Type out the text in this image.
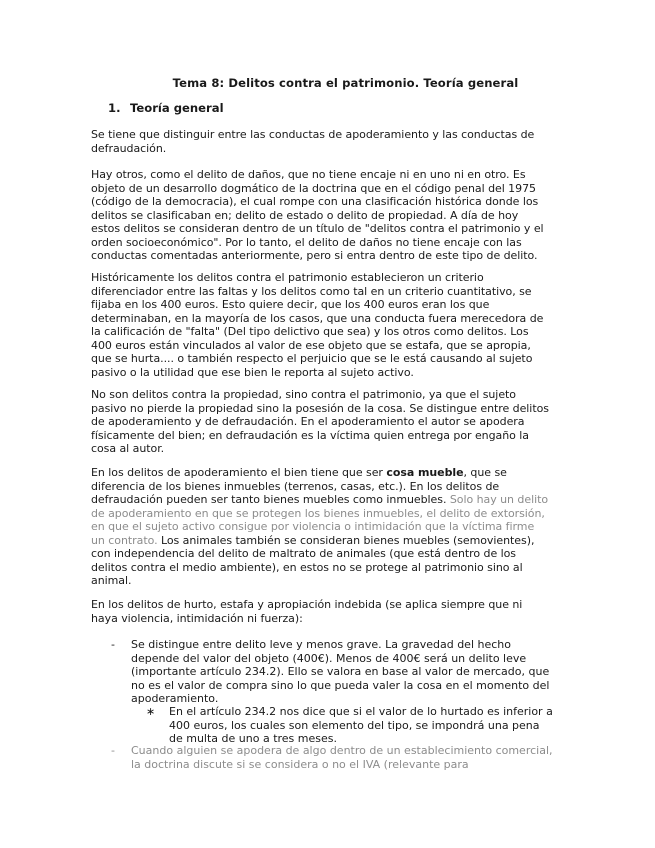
Tema 8: Delitos contra el patrimonio. Teoría general
1. Teoría general

Se tiene que distinguir entre las conductas de apoderamiento y las conductas de
defraudación.

Hay otros, como el delito de daños, que no tiene encaje ni en uno ni en otro. Es
objeto de un desarrollo dogmático de la doctrina que en el código penal del 1975
(código de la democracia), el cual rompe con una clasificación histórica donde los
delitos se clasificaban en; delito de estado o delito de propiedad. A día de hoy
estos delitos se consideran dentro de un título de "delitos contra el patrimonio y el
orden socioeconómico". Por lo tanto, el delito de daños no tiene encaje con las
conductas comentadas anteriormente, pero si entra dentro de este tipo de delito.

Históricamente los delitos contra el patrimonio establecieron un criterio
diferenciador entre las faltas y los delitos como tal en un criterio cuantitativo, se
fijaba en los 400 euros. Esto quiere decir, que los 400 euros eran los que
determinaban, en la mayoría de los casos, que una conducta fuera merecedora de
la calificación de "falta" (Del tipo delictivo que sea) y los otros como delitos. Los
400 euros están vinculados al valor de ese objeto que se estafa, que se apropia,
que se hurta.... o también respecto el perjuicio que se le está causando al sujeto
pasivo o la utilidad que ese bien le reporta al sujeto activo.

No son delitos contra la propiedad, sino contra el patrimonio, ya que el sujeto
pasivo no pierde la propiedad sino la posesión de la cosa. Se distingue entre delitos
de apoderamiento y de defraudación. En el apoderamiento el autor se apodera
físicamente del bien; en defraudación es la víctima quien entrega por engaño la
cosa al autor.

En los delitos de apoderamiento el bien tiene que ser cosa mueble, que se
diferencia de los bienes inmuebles (terrenos, casas, etc.). En los delitos de
defraudación pueden ser tanto bienes muebles como inmuebles. Solo hay un delito
de apoderamiento en que se protegen los bienes inmuebles, el delito de extorsión,
en que el sujeto activo consigue por violencia o intimidación que la víctima firme
un contrato. Los animales también se consideran bienes muebles (semovientes),
con independencia del delito de maltrato de animales (que está dentro de los
delitos contra el medio ambiente), en estos no se protege al patrimonio sino al
animal.

En los delitos de hurto, estafa y apropiación indebida (se aplica siempre que ni
haya violencia, intimidación ni fuerza):

- Se distingue entre delito leve y menos grave. La gravedad del hecho
depende del valor del objeto (400€). Menos de 400€ será un delito leve
(importante artículo 234.2). Ello se valora en base al valor de mercado, que
no es el valor de compra sino lo que pueda valer la cosa en el momento del
apoderamiento.
∗ En el artículo 234.2 nos dice que si el valor de lo hurtado es inferior a
400 euros, los cuales son elemento del tipo, se impondrá una pena
de multa de uno a tres meses.
- Cuando alguien se apodera de algo dentro de un establecimiento comercial,
la doctrina discute si se considera o no el IVA (relevante para
